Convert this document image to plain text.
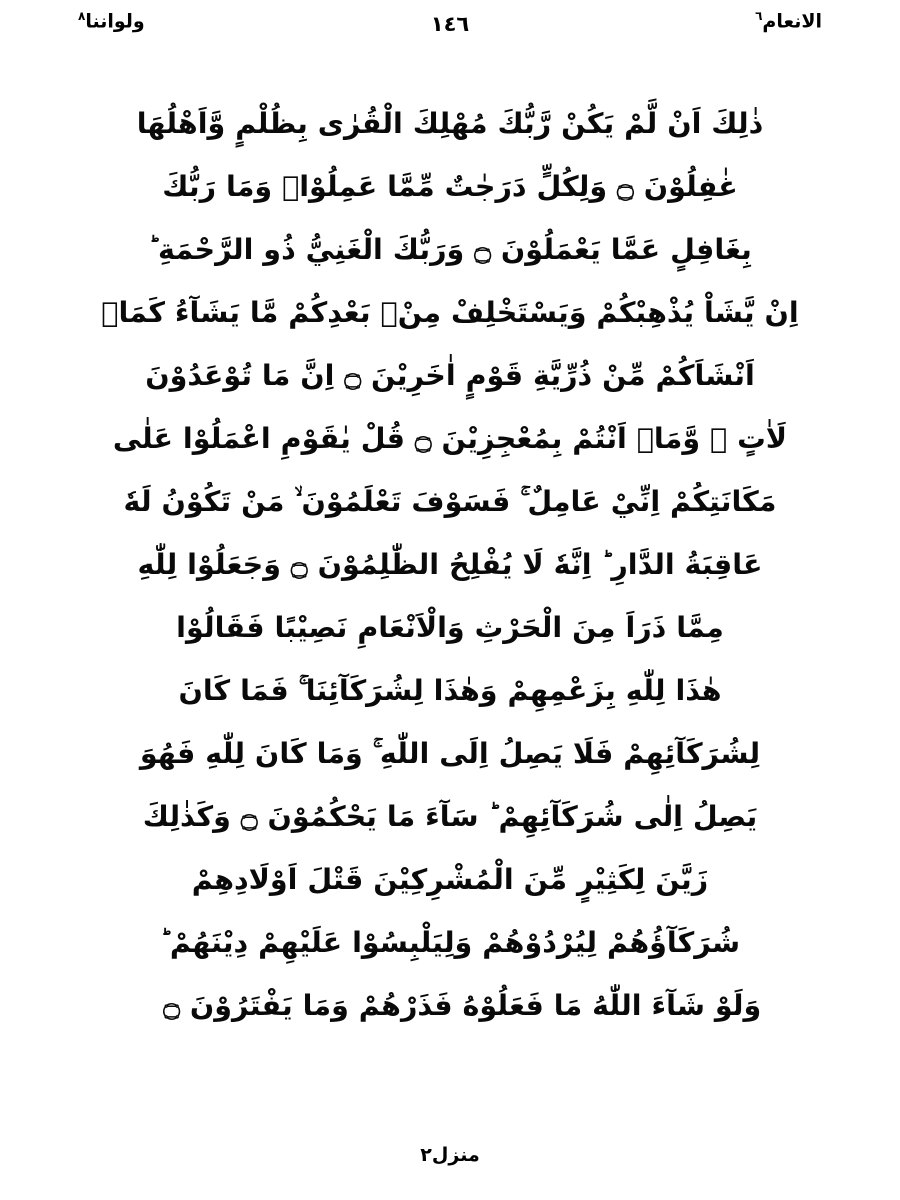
الانعام$^٦$
١٤٦
ولواننا$^٨$
ذٰلِكَ اَنْ لَّمْ يَكُنْ رَّبُّكَ مُهْلِكَ الْقُرٰى بِظُلْمٍ وَّاَهْلُهَا
غٰفِلُوْنَ ۝ وَلِكُلٍّ دَرَجٰتٌ مِّمَّا عَمِلُوْاۭ وَمَا رَبُّكَ
بِغَافِلٍ عَمَّا يَعْمَلُوْنَ ۝ وَرَبُّكَ الْغَنِيُّ ذُو الرَّحْمَةِ ؕ
اِنْ يَّشَاْ يُذْهِبْكُمْ وَيَسْتَخْلِفْ مِنْۢ بَعْدِكُمْ مَّا يَشَآءُ كَمَاۤ
اَنْشَاَكُمْ مِّنْ ذُرِّيَّةِ قَوْمٍ اٰخَرِيْنَ ۝ اِنَّ مَا تُوْعَدُوْنَ
لَاٰتٍ ۙ وَّمَاۤ اَنْتُمْ بِمُعْجِزِيْنَ ۝ قُلْ يٰقَوْمِ اعْمَلُوْا عَلٰى
مَكَانَتِكُمْ اِنِّيْ عَامِلٌ ۚ فَسَوْفَ تَعْلَمُوْنَ ۙ مَنْ تَكُوْنُ لَهٗ
عَاقِبَةُ الدَّارِ ؕ اِنَّهٗ لَا يُفْلِحُ الظّٰلِمُوْنَ ۝ وَجَعَلُوْا لِلّٰهِ
مِمَّا ذَرَاَ مِنَ الْحَرْثِ وَالْاَنْعَامِ نَصِيْبًا فَقَالُوْا
هٰذَا لِلّٰهِ بِزَعْمِهِمْ وَهٰذَا لِشُرَكَآئِنَا ۚ فَمَا كَانَ
لِشُرَكَآئِهِمْ فَلَا يَصِلُ اِلَى اللّٰهِ ۚ وَمَا كَانَ لِلّٰهِ فَهُوَ
يَصِلُ اِلٰى شُرَكَآئِهِمْ ؕ سَآءَ مَا يَحْكُمُوْنَ ۝ وَكَذٰلِكَ
زَيَّنَ لِكَثِيْرٍ مِّنَ الْمُشْرِكِيْنَ قَتْلَ اَوْلَادِهِمْ
شُرَكَآؤُهُمْ لِيُرْدُوْهُمْ وَلِيَلْبِسُوْا عَلَيْهِمْ دِيْنَهُمْ ؕ
وَلَوْ شَآءَ اللّٰهُ مَا فَعَلُوْهُ فَذَرْهُمْ وَمَا يَفْتَرُوْنَ ۝
منزل٢
